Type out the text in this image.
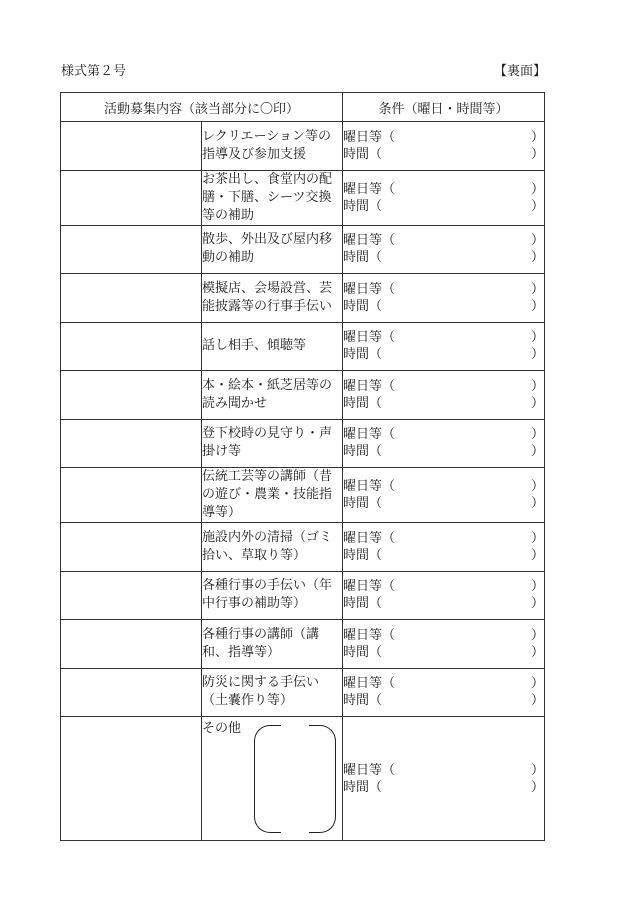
様式第２号	【裏面】
活動募集内容（該当部分に〇印）		条件（曜日・時間等）
	レクリエーション等の指導及び参加支援	曜日等（ ）
時間（ ）

	お茶出し、食堂内の配膳・下膳、シーツ交換等の補助	曜日等（ ）
時間（ ）

	散歩、外出及び屋内移動の補助	曜日等（ ）
時間（ ）

	模擬店、会場設営、芸能披露等の行事手伝い	曜日等（ ）
時間（ ）

	話し相手、傾聴等	曜日等（ ）
時間（ ）

	本・絵本・紙芝居等の読み聞かせ	曜日等（ ）
時間（ ）

	登下校時の見守り・声掛け等	曜日等（ ）
時間（ ）

	伝統工芸等の講師（昔の遊び・農業・技能指導等）	曜日等（ ）
時間（ ）

	施設内外の清掃（ゴミ拾い、草取り等）	曜日等（ ）
時間（ ）

	各種行事の手伝い（年中行事の補助等）	曜日等（ ）
時間（ ）

	各種行事の講師（講和、指導等）	曜日等（ ）
時間（ ）

	防災に関する手伝い（土嚢作り等）	曜日等（ ）
時間（ ）

	その他	曜日等（ ）
時間（ ）
